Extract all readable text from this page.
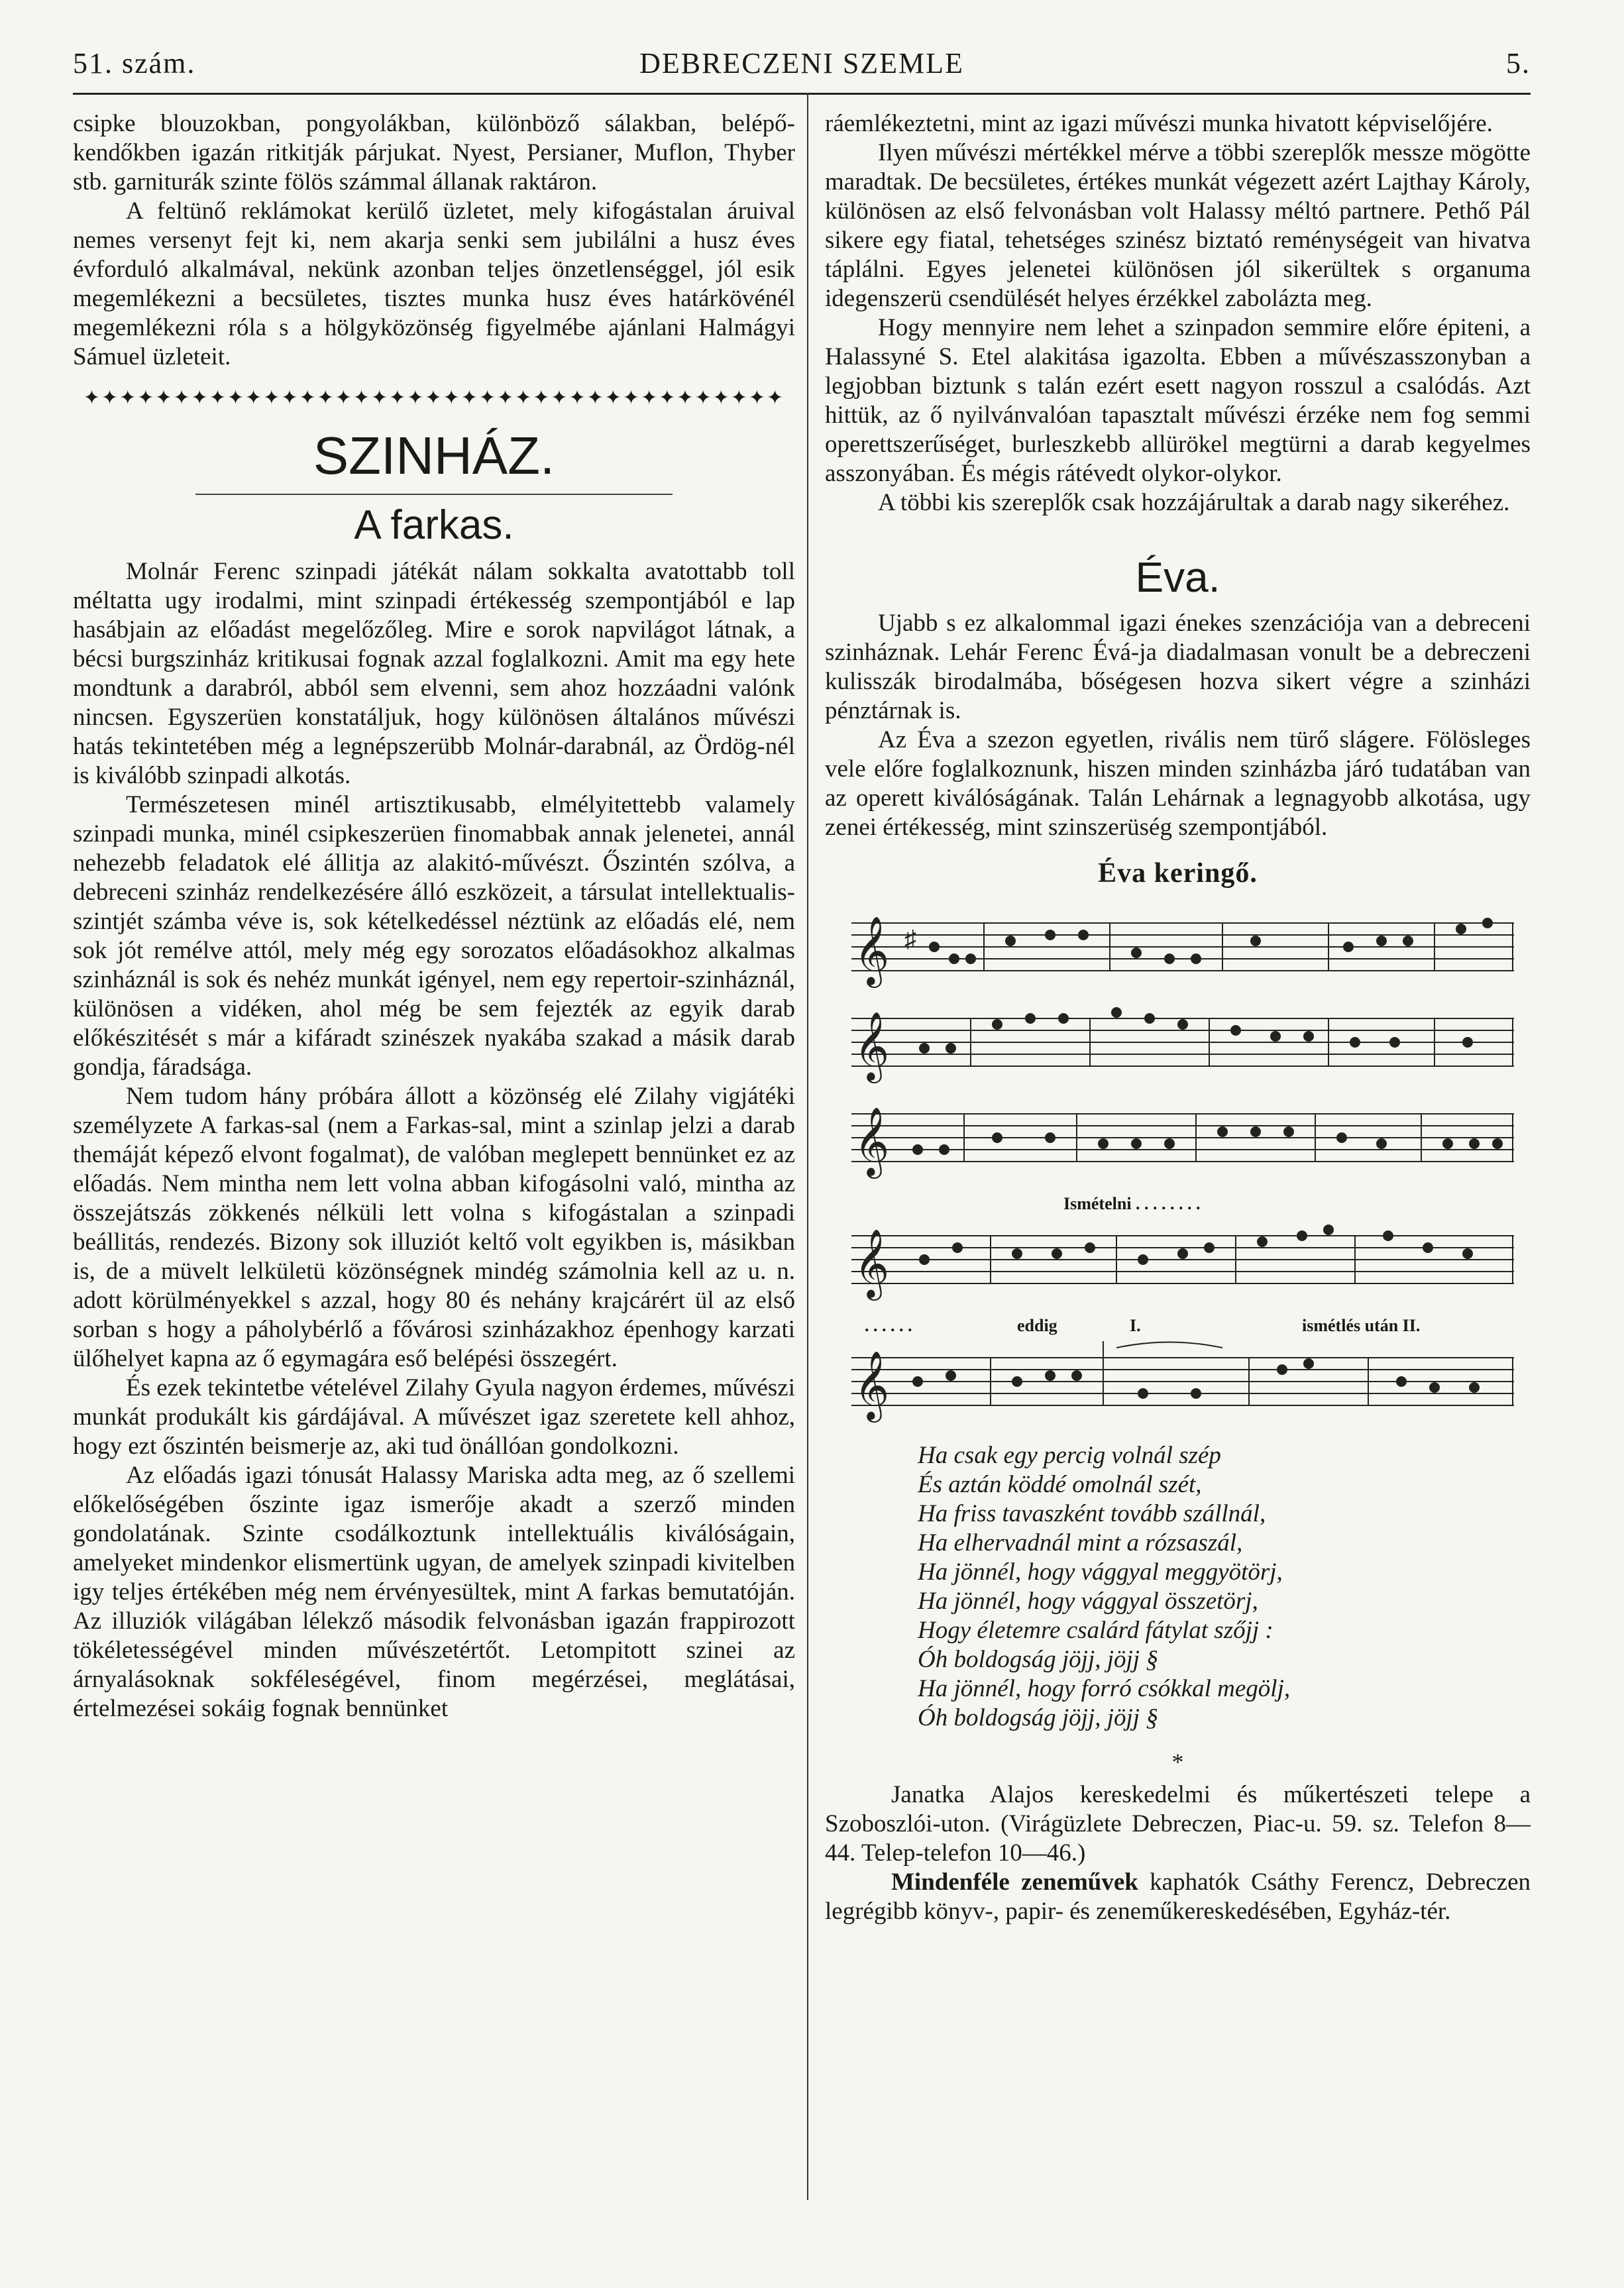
51. szám.	DEBRECZENI SZEMLE	5.

csipke blouzokban, pongyolákban, különböző sálakban, belépő-kendőkben igazán ritkitják párjukat. Nyest, Persianer, Muflon, Thyber stb. garniturák szinte fölös számmal állanak raktáron.

A feltünő reklámokat kerülő üzletet, mely kifogástalan áruival nemes versenyt fejt ki, nem akarja senki sem jubilálni a husz éves évforduló alkalmával, nekünk azonban teljes önzetlenséggel, jól esik megemlékezni a becsületes, tisztes munka husz éves határkövénél megemlékezni róla s a hölgyközönség figyelmébe ajánlani Halmágyi Sámuel üzleteit.

✦✦✦✦✦✦✦✦✦✦✦✦✦✦✦✦✦✦✦✦✦✦✦✦✦✦✦✦✦✦✦✦✦✦✦✦✦✦✦
SZINHÁZ.
A farkas.

Molnár Ferenc szinpadi játékát nálam sokkalta avatottabb toll méltatta ugy irodalmi, mint szinpadi értékesség szempontjából e lap hasábjain az előadást megelőzőleg. Mire e sorok napvilágot látnak, a bécsi burgszinház kritikusai fognak azzal foglalkozni. Amit ma egy hete mondtunk a darabról, abból sem elvenni, sem ahoz hozzáadni valónk nincsen. Egyszerüen konstatáljuk, hogy különösen általános művészi hatás tekintetében még a legnépszerübb Molnár-darabnál, az Ördög-nél is kiválóbb szinpadi alkotás.

Természetesen minél artisztikusabb, elmélyitettebb valamely szinpadi munka, minél csipkeszerüen finomabbak annak jelenetei, annál nehezebb feladatok elé állitja az alakitó-művészt. Őszintén szólva, a debreceni szinház rendelkezésére álló eszközeit, a társulat intellektualis-szintjét számba véve is, sok kételkedéssel néztünk az előadás elé, nem sok jót remélve attól, mely még egy sorozatos előadásokhoz alkalmas szinháznál is sok és nehéz munkát igényel, nem egy repertoir-szinháznál, különösen a vidéken, ahol még be sem fejezték az egyik darab előkészitését s már a kifáradt szinészek nyakába szakad a másik darab gondja, fáradsága.

Nem tudom hány próbára állott a közönség elé Zilahy vigjátéki személyzete A farkas-sal (nem a Farkas-sal, mint a szinlap jelzi a darab themáját képező elvont fogalmat), de valóban meglepett bennünket ez az előadás. Nem mintha nem lett volna abban kifogásolni való, mintha az összejátszás zökkenés nélküli lett volna s kifogástalan a szinpadi beállitás, rendezés. Bizony sok illuziót keltő volt egyikben is, másikban is, de a müvelt lelkületü közönségnek mindég számolnia kell az u. n. adott körülményekkel s azzal, hogy 80 és nehány krajcárért ül az első sorban s hogy a páholybérlő a fővárosi szinházakhoz épenhogy karzati ülőhelyet kapna az ő egymagára eső belépési összegért.

És ezek tekintetbe vételével Zilahy Gyula nagyon érdemes, művészi munkát produkált kis gárdájával. A művészet igaz szeretete kell ahhoz, hogy ezt őszintén beismerje az, aki tud önállóan gondolkozni.

Az előadás igazi tónusát Halassy Mariska adta meg, az ő szellemi előkelőségében őszinte igaz ismerője akadt a szerző minden gondolatának. Szinte csodálkoztunk intellektuális kiválóságain, amelyeket mindenkor elismertünk ugyan, de amelyek szinpadi kivitelben igy teljes értékében még nem érvényesültek, mint A farkas bemutatóján. Az illuziók világában lélekző második felvonásban igazán frappirozott tökéletességével minden művészetértőt. Letompitott szinei az árnyalásoknak sokféleségével, finom megérzései, meglátásai, értelmezései sokáig fognak bennünket

ráemlékeztetni, mint az igazi művészi munka hivatott képviselőjére.

Ilyen művészi mértékkel mérve a többi szereplők messze mögötte maradtak. De becsületes, értékes munkát végezett azért Lajthay Károly, különösen az első felvonásban volt Halassy méltó partnere. Pethő Pál sikere egy fiatal, tehetséges szinész biztató reménységeit van hivatva táplálni. Egyes jelenetei különösen jól sikerültek s organuma idegenszerü csendülését helyes érzékkel zabolázta meg.

Hogy mennyire nem lehet a szinpadon semmire előre épiteni, a Halassyné S. Etel alakitása igazolta. Ebben a művészasszonyban a legjobban biztunk s talán ezért esett nagyon rosszul a csalódás. Azt hittük, az ő nyilvánvalóan tapasztalt művészi érzéke nem fog semmi operettszerűséget, burleszkebb allürökel megtürni a darab kegyelmes asszonyában. És mégis rátévedt olykor-olykor.

A többi kis szereplők csak hozzájárultak a darab nagy sikeréhez.

Éva.

Ujabb s ez alkalommal igazi énekes szenzációja van a debreceni szinháznak. Lehár Ferenc Évá-ja diadalmasan vonult be a debreczeni kulisszák birodalmába, bőségesen hozva sikert végre a szinházi pénztárnak is.

Az Éva a szezon egyetlen, rivális nem türő slágere. Fölösleges vele előre foglalkoznunk, hiszen minden szinházba járó tudatában van az operett kiválóságának. Talán Lehárnak a legnagyobb alkotása, ugy zenei értékesség, mint szinszerüség szempontjából.

Éva keringő.
𝄞 ♯
𝄞
𝄞
Ismételni . . . . . . . .
𝄞
. . . . . .	eddig	I.	ismétlés után II.
𝄞
Ha csak egy percig volnál szép
És aztán köddé omolnál szét,
Ha friss tavaszként tovább szállnál,
Ha elhervadnál mint a rózsaszál,
Ha jönnél, hogy vággyal meggyötörj,
Ha jönnél, hogy vággyal összetörj,
Hogy életemre csalárd fátylat szőjj :
Óh boldogság jöjj, jöjj §
Ha jönnél, hogy forró csókkal megölj,
Óh boldogság jöjj, jöjj §
*

Janatka Alajos kereskedelmi és műkertészeti telepe a Szoboszlói-uton. (Virágüzlete Debreczen, Piac-u. 59. sz. Telefon 8—44. Telep-telefon 10—46.)

Mindenféle zeneművek kaphatók Csáthy Ferencz, Debreczen legrégibb könyv-, papir- és zeneműkereskedésében, Egyház-tér.
